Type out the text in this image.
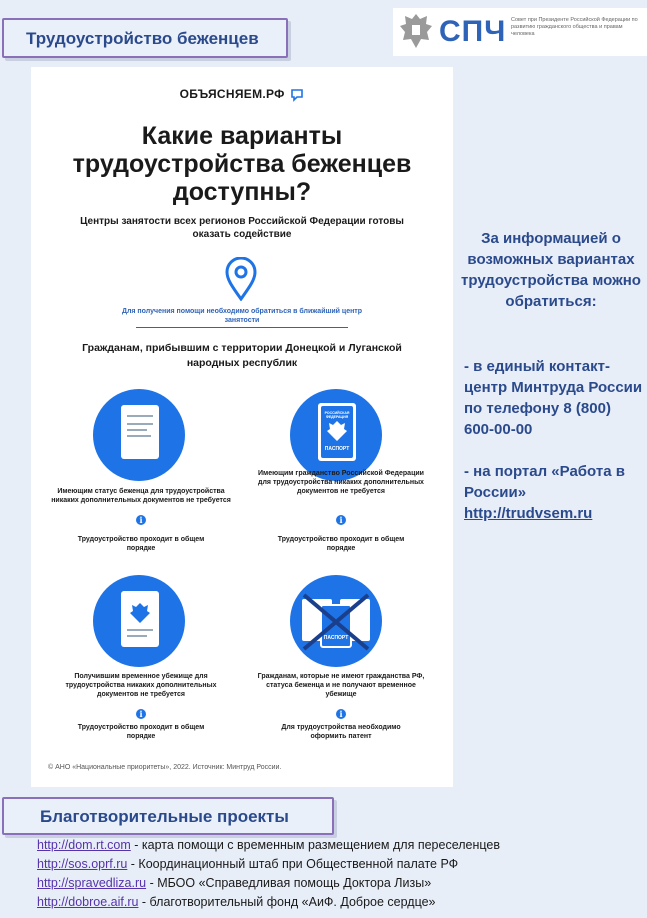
Трудоустройство беженцев	СПЧ Совет при Президенте Российской Федерации по развитию гражданского общества и правам человека
ОБЪЯСНЯЕМ.РФ
Какие варианты трудоустройства беженцев доступны?
Центры занятости всех регионов Российской Федерации готовы оказать содействие
Для получения помощи необходимо обратиться в ближайший центр занятости
Гражданам, прибывшим с территории Донецкой и Луганской народных республик
Имеющим статус беженца для трудоустройства никаких дополнительных документов не требуется
i
Трудоустройство проходит в общем порядке
РОССИЙСКАЯ ФЕДЕРАЦИЯ
ПАСПОРТ
Имеющим гражданство Российской Федерации для трудоустройства никаких дополнительных документов не требуется
i
Трудоустройство проходит в общем порядке
Получившим временное убежище для трудоустройства никаких дополнительных документов не требуется
i
Трудоустройство проходит в общем порядке
ПАСПОРТ
Гражданам, которые не имеют гражданства РФ, статуса беженца и не получают временное убежище
i
Для трудоустройства необходимо оформить патент
© АНО «Национальные приоритеты», 2022. Источник: Минтруд России.
За информацией о возможных вариантах трудоустройства можно обратиться:
- в единый контакт-центр Минтруда России по телефону 8 (800) 600-00-00
- на портал «Работа в России»
http://trudvsem.ru
Благотворительные проекты
http://dom.rt.com - карта помощи с временным размещением для переселенцев
http://sos.oprf.ru - Координационный штаб при Общественной палате РФ
http://spravedliza.ru - МБОО «Справедливая помощь Доктора Лизы»
http://dobroe.aif.ru - благотворительный фонд «АиФ. Доброе сердце»
